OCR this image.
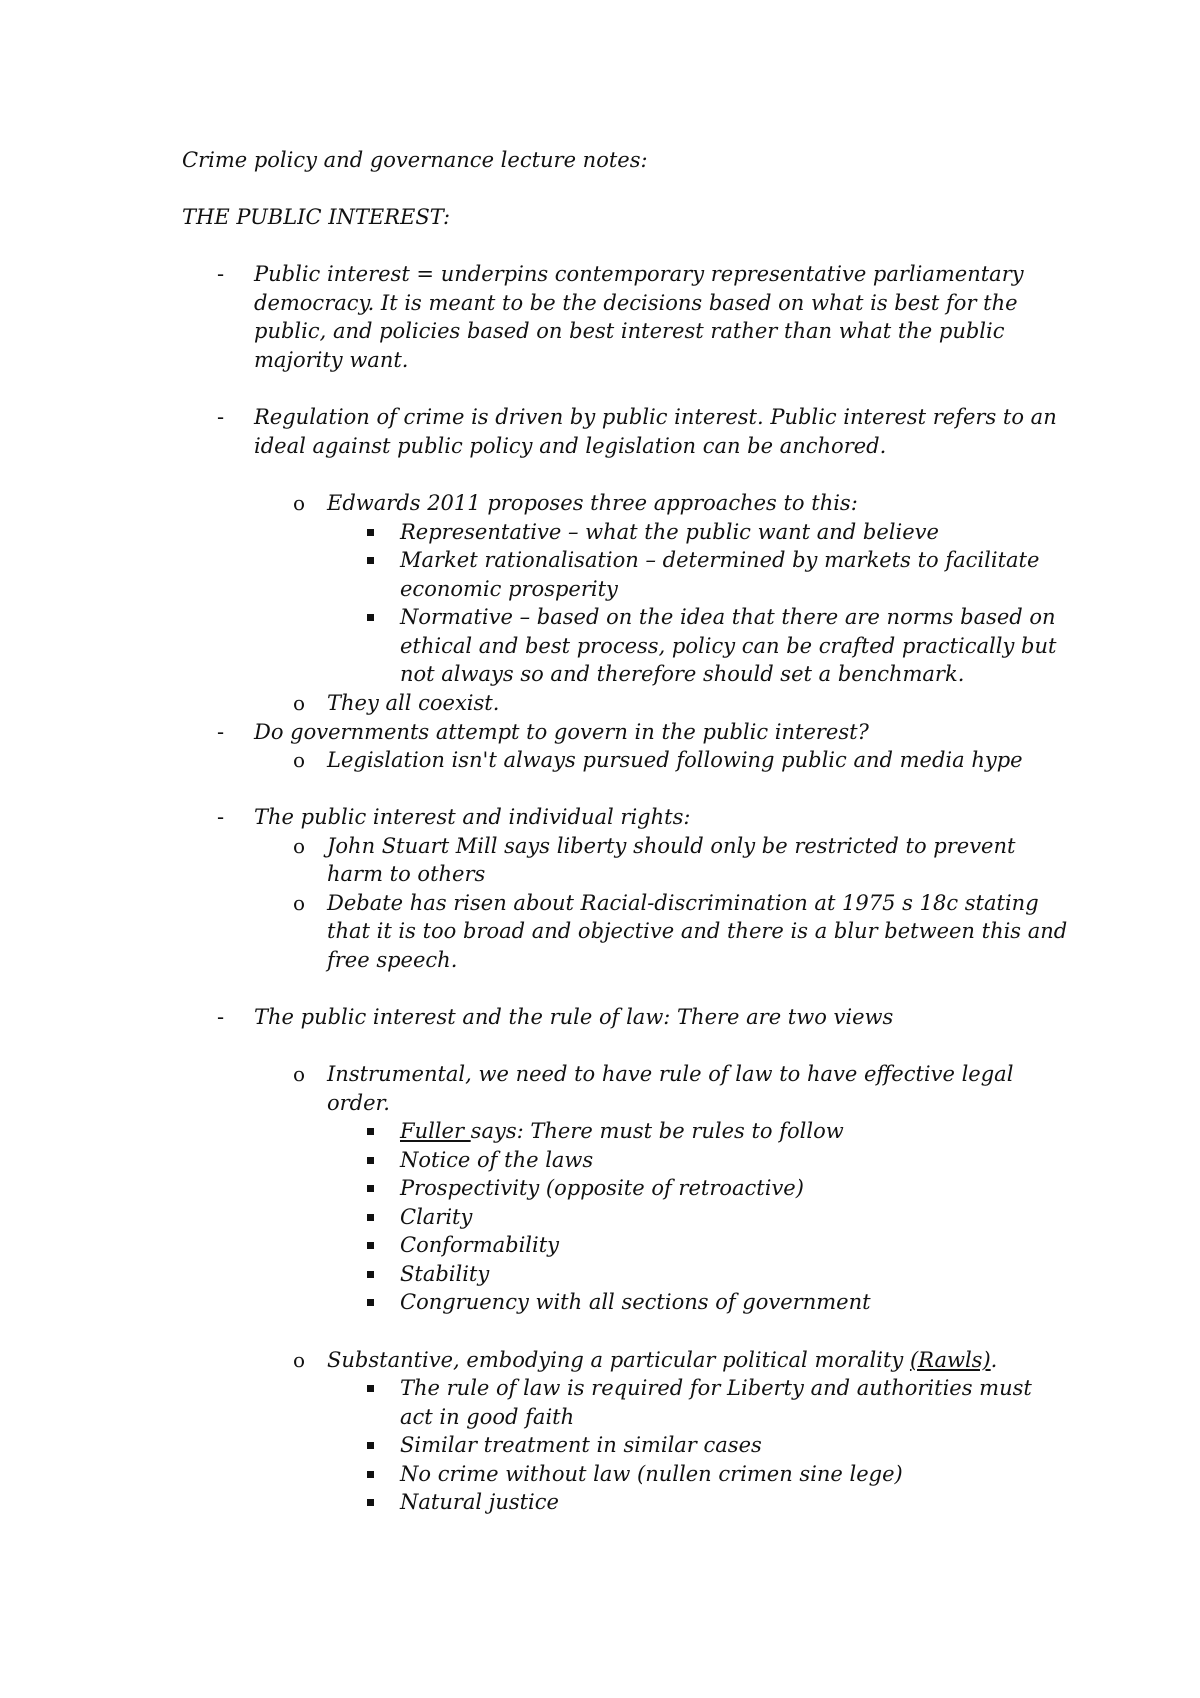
Crime policy and governance lecture notes:
THE PUBLIC INTEREST:
- Public interest = underpins contemporary representative parliamentary
democracy. It is meant to be the decisions based on what is best for the
public, and policies based on best interest rather than what the public
majority want.
- Regulation of crime is driven by public interest. Public interest refers to an
ideal against public policy and legislation can be anchored.
o Edwards 2011 proposes three approaches to this:
Representative – what the public want and believe
Market rationalisation – determined by markets to facilitate
economic prosperity
Normative – based on the idea that there are norms based on
ethical and best process, policy can be crafted practically but
not always so and therefore should set a benchmark.
o They all coexist.
- Do governments attempt to govern in the public interest?
o Legislation isn't always pursued following public and media hype
- The public interest and individual rights:
o John Stuart Mill says liberty should only be restricted to prevent
harm to others
o Debate has risen about Racial-discrimination at 1975 s 18c stating
that it is too broad and objective and there is a blur between this and
free speech.
- The public interest and the rule of law: There are two views
o Instrumental, we need to have rule of law to have effective legal
order.
Fuller says: There must be rules to follow
Notice of the laws
Prospectivity (opposite of retroactive)
Clarity
Conformability
Stability
Congruency with all sections of government
o Substantive, embodying a particular political morality (Rawls).
The rule of law is required for Liberty and authorities must
act in good faith
Similar treatment in similar cases
No crime without law (nullen crimen sine lege)
Natural justice
